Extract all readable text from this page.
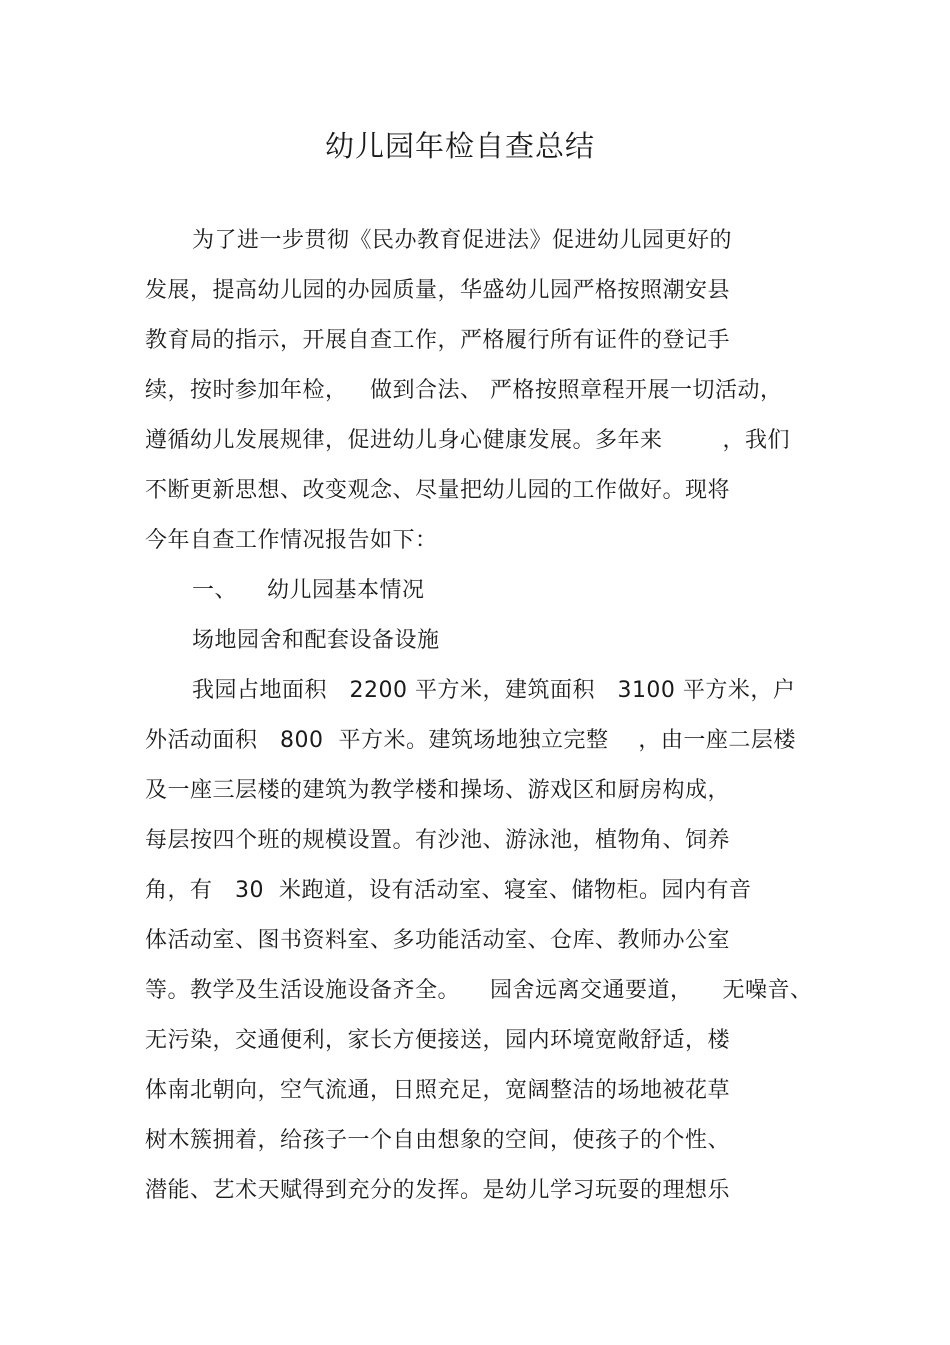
幼儿园年检自查总结
为了进一步贯彻《民办教育促进法》促进幼儿园更好的
发展，提高幼儿园的办园质量，华盛幼儿园严格按照潮安县
教育局的指示，开展自查工作，严格履行所有证件的登记手
续，按时参加年检，   做到合法、 严格按照章程开展一切活动，
遵循幼儿发展规律，促进幼儿身心健康发展。多年来        ，我们
不断更新思想、改变观念、尽量把幼儿园的工作做好。现将
今年自查工作情况报告如下：
一、    幼儿园基本情况
场地园舍和配套设备设施
我园占地面积   2200 平方米，建筑面积   3100 平方米，户
外活动面积   800  平方米。建筑场地独立完整    ，由一座二层楼
及一座三层楼的建筑为教学楼和操场、游戏区和厨房构成，
每层按四个班的规模设置。有沙池、游泳池，植物角、饲养
角，有   30  米跑道，设有活动室、寝室、储物柜。园内有音
体活动室、图书资料室、多功能活动室、仓库、教师办公室
等。教学及生活设施设备齐全。    园舍远离交通要道，    无噪音、
无污染，交通便利，家长方便接送，园内环境宽敞舒适，楼
体南北朝向，空气流通，日照充足，宽阔整洁的场地被花草
树木簇拥着，给孩子一个自由想象的空间，使孩子的个性、
潜能、艺术天赋得到充分的发挥。是幼儿学习玩耍的理想乐
